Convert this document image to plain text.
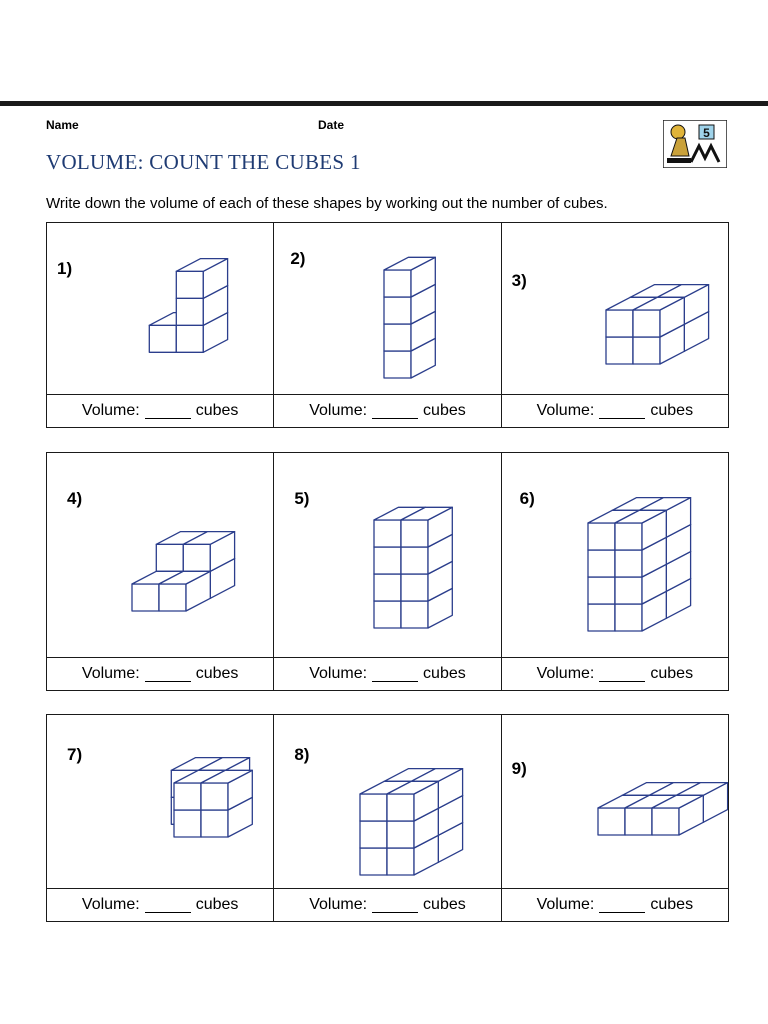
Name	Date
5
VOLUME: COUNT THE CUBES 1
Write down the volume of each of these shapes by working out the number of cubes.
1)
Volume:	cubes
2)
Volume:	cubes
3)
Volume:	cubes
4)
Volume:	cubes
5)
Volume:	cubes
6)
Volume:	cubes
7)
Volume:	cubes
8)
Volume:	cubes
9)
Volume:	cubes
